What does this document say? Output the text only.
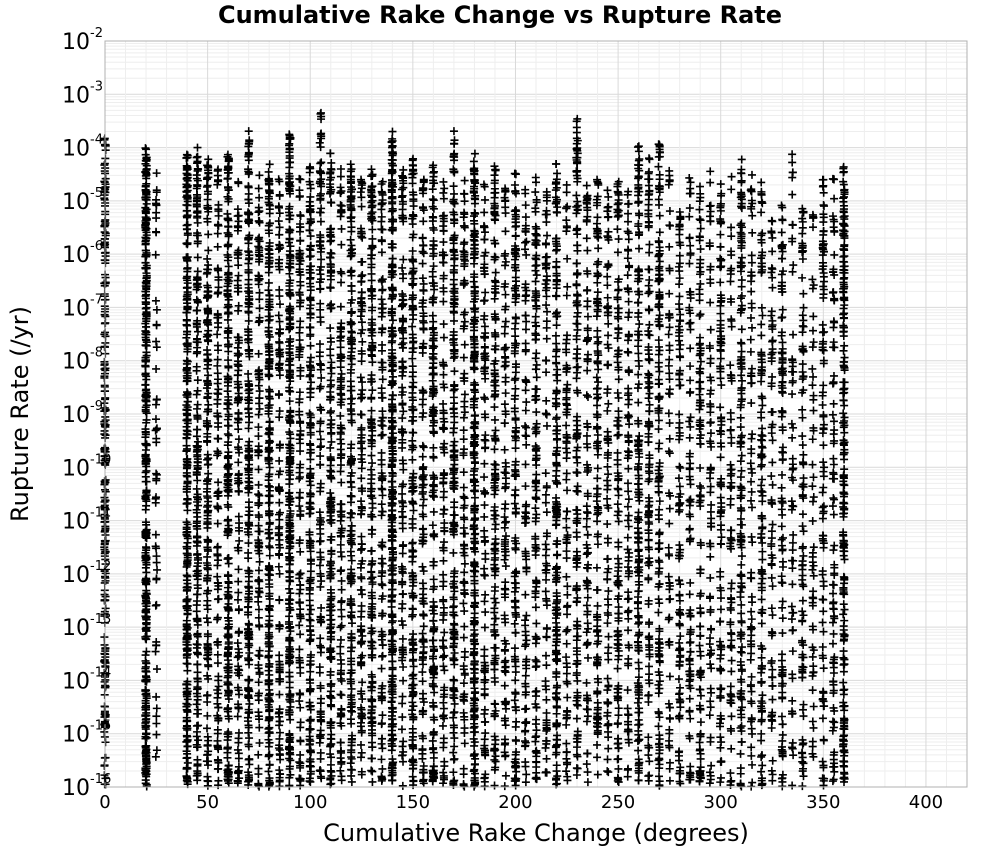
Cumulative Rake Change vs Rupture Rate
0	50	100	150	200	250	300	350	400
10 -16
10 -15
10 -14
10 -13
10 -12
10 -11
10 -10
10 -9
10 -8
10 -7
10 -6
10 -5
10 -4
10 -3
10 -2
Cumulative Rake Change (degrees)
Rupture Rate (/yr)
